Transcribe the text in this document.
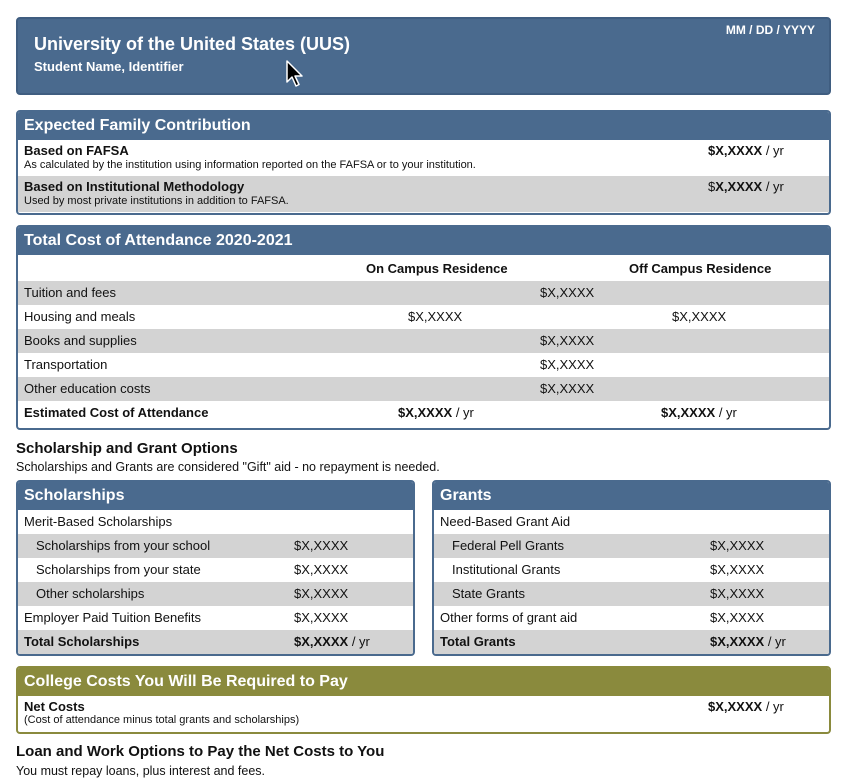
University of the United States (UUS)
Student Name, Identifier
MM / DD / YYYY
Expected Family Contribution
Based on FAFSA
As calculated by the institution using information reported on the FAFSA or to your institution.
$X,XXXX / yr
Based on Institutional Methodology
Used by most private institutions in addition to FAFSA.
$X,XXXX / yr
Total Cost of Attendance 2020-2021
On Campus Residence	Off Campus Residence
Tuition and fees	$X,XXXX
Housing and meals	$X,XXXX	$X,XXXX
Books and supplies	$X,XXXX
Transportation	$X,XXXX
Other education costs	$X,XXXX
Estimated Cost of Attendance	$X,XXXX / yr	$X,XXXX / yr
Scholarship and Grant Options
Scholarships and Grants are considered "Gift" aid - no repayment is needed.
Scholarships
Merit-Based Scholarships
Scholarships from your school	$X,XXXX
Scholarships from your state	$X,XXXX
Other scholarships	$X,XXXX
Employer Paid Tuition Benefits	$X,XXXX
Total Scholarships	$X,XXXX / yr
Grants
Need-Based Grant Aid
Federal Pell Grants	$X,XXXX
Institutional Grants	$X,XXXX
State Grants	$X,XXXX
Other forms of grant aid	$X,XXXX
Total Grants	$X,XXXX / yr
College Costs You Will Be Required to Pay
Net Costs
(Cost of attendance minus total grants and scholarships)
$X,XXXX / yr
Loan and Work Options to Pay the Net Costs to You
You must repay loans, plus interest and fees.
